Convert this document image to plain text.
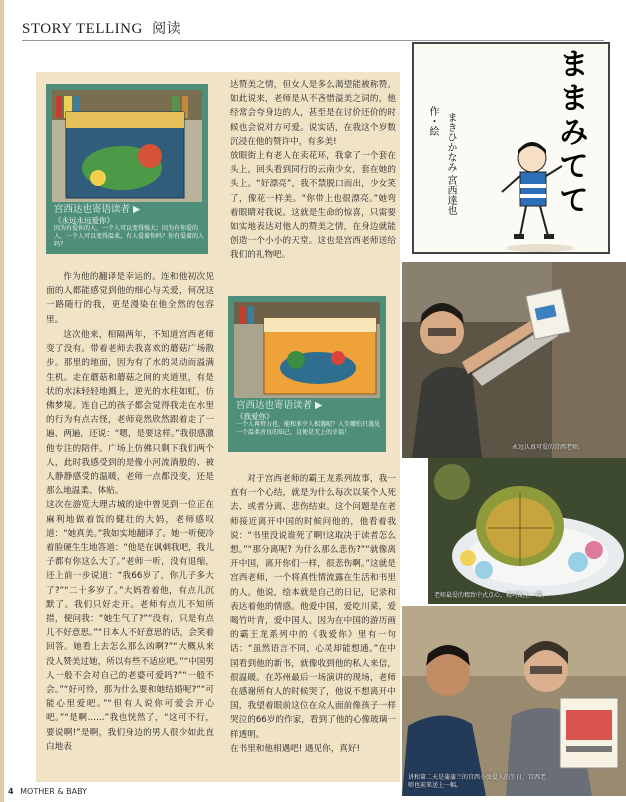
STORY TELLING 阅读
宫西达也寄语读者 ▶
《永远永远爱你》
因为有爱你的人，一个人可以变得强大；因为有你爱的人，一个人可以变得温柔。有人爱着你吗？你有爱着的人吗？

作为他的翻译是幸运的。连和他初次见面的人都能感觉到他的细心与关爱，何况这一路随行的我，更是漫染在他全然的包容里。

这次他来，相隔两年，不知道宫西老师变了没有。带着老师去我喜欢的蘑菇广场散步。那里的地面，因为有了水的灵动而溢满生机。走在蘑菇和蘑菇之间的夹道里，有是状的水沫轻轻地溅上，逆光的水柱如虹，仿佛梦境。连自己的孩子都会觉得我走在水里的行为有点古怪，老师竟然欣然跟着走了一遍、两遍，还说：“嗯，是要这样。”我很感激他专注的陪伴。广场上仿佛只剩下我们两个人，此时我感受到的是像小河流淌般的、被人静静感受的温暖，老师一点都没变，还是那么地温柔、体贴。
这次在游览大理古城的途中曾见到一位正在麻利地做着饭的健壮的大妈，老师感叹道：“她真美。”我如实地翻译了。她一听便冷着脸硬生生地答道：“他是在讽刺我吧，我儿子都有你这么大了。”老师一听，没有退缩，还上前一步说道：“我66岁了，你儿子多大了?”“二十多岁了。”大妈看着他，有点儿沉默了。我们只好走开。老师有点儿不知所措，便问我：“她生气了?”“没有，只是有点儿不好意思。”“日本人不好意思的话，会笑着回答。她看上去怎么那么凶啊?”“大概从来没人赞美过她，所以有些不适应吧。”“中国男人一般不会对自己的老婆可爱吗?”“一般不会。”“好可怜，那为什么要和她结婚呢?”“可能心里爱吧。”“但有人说你可爱会开心吧。”“是啊……”我也恍然了，“这可不行，要说啊!”是啊，我们身边的男人很少如此直白地表

达赞美之情，但女人是多么渴望能被称赞。如此说来，老师是从不吝惜溢美之词的，他经常会夸身边的人，甚至是在讨价还价的时候也会说对方可爱。说实话，在我这个岁数沉浸在他的赞许中，有多美!
放眼街上有老人在卖花环，我拿了一个套在头上，回头看到同行的云南少女，套在她的头上。“好漂亮”，我不禁脱口而出，少女笑了，像花一样美。“你带上也很漂亮。”她弯着眼睛对我说。这就是生命的惊喜，只需要如实地表达对他人的赞美之情，在身边就能创造一个小小的天堂。这也是宫西老师送给我们的礼物吧。

宫西达也寄语读者 ▶
《我爱你》
一个人再努力也，能和多少人相遇呢？人生哪怕只遇见一个温柔善良的知己，这便是无上的幸福！

对于宫西老师的霸王龙系列故事，我一直有一个心结，就是为什么每次以某个人死去、或者分离、悲伤结束。这个问题是在老师接近离开中国的时候问他的，他看着我说：“书里没说谁死了啊!这取决于读者怎么想。”“那分离呢? 为什么那么悲伤?”“就像离开中国，离开你们一样，很悲伤啊。”这就是宫西老师，一个将真性情流露在生活和书里的人。他说，绘本就是自己的日记，记录和表达着他的情感。他爱中国，爱吃川菜，爱喝竹叶青，爱中国人。因为在中国的游历画的霸王龙系列中的《我爱你》里有一句话：“虽然语言不同，心灵却能想通。”在中国看到他的新书，就像收到他的私人来信，很温暖。在苏州最后一场演讲的现场，老师在感谢所有人的时候哭了，他说不想离开中国，我望着眼前这位在众人面前像孩子一样哭泣的66岁的作家，看到了他的心像玻璃一样透明。
在书里和他相遇吧! 遇见你，真好!

ままみてて
作・絵 まきひかなみ 宮西達也
永远认真可爱的宫西老师。
老师最爱的精致中式点心，精巧配上一碟。
讲和第二天是蒲蒲兰的宫西小张爱人的生日，宫西老师也前来送上一幅。
4 MOTHER & BABY
